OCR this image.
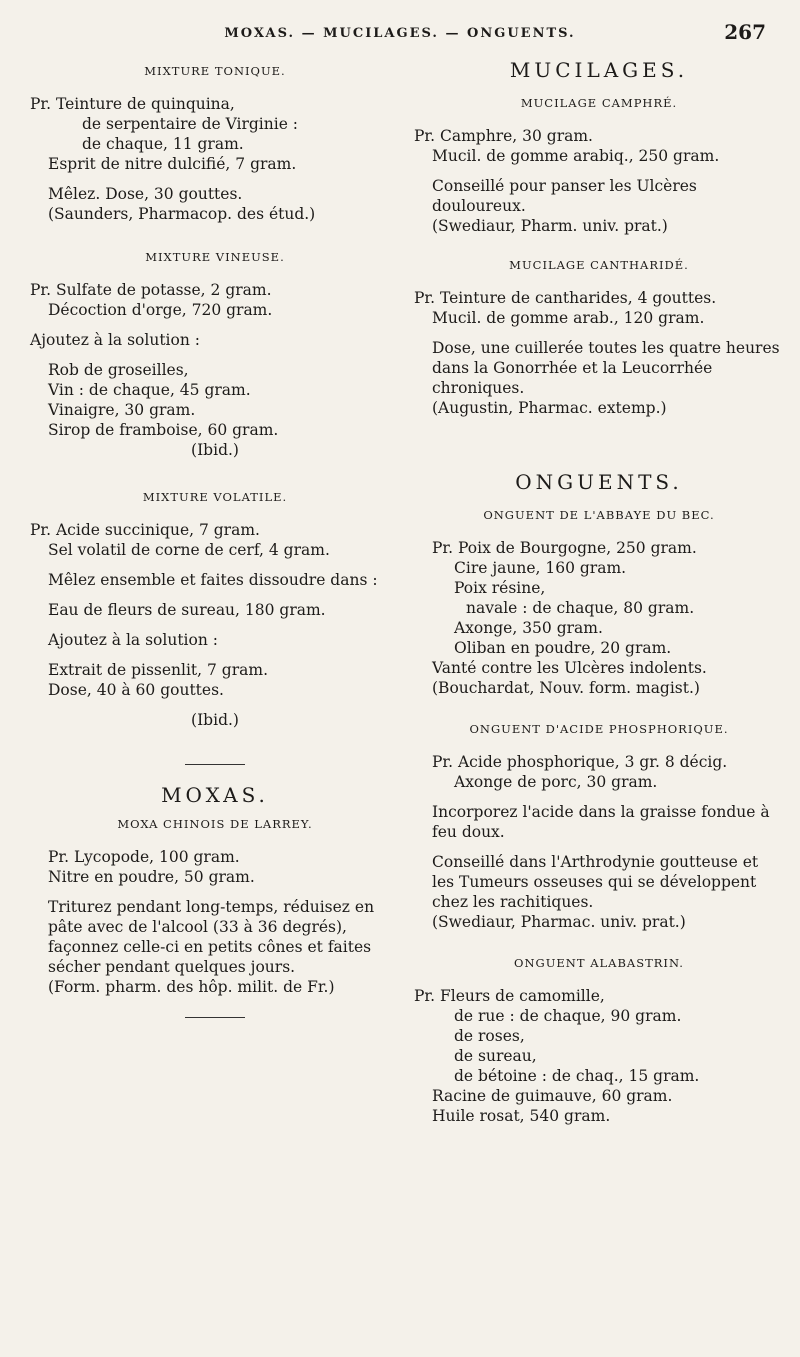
MOXAS. — MUCILAGES. — ONGUENTS.	267
MIXTURE TONIQUE.

Pr. Teinture de quinquina,

de serpentaire de Virginie :

de chaque, 11 gram.

Esprit de nitre dulcifié, 7 gram.

Mêlez. Dose, 30 gouttes.

(Saunders, Pharmacop. des étud.)

MIXTURE VINEUSE.

Pr. Sulfate de potasse, 2 gram.

Décoction d'orge, 720 gram.

Ajoutez à la solution :

Rob de groseilles,

Vin : de chaque, 45 gram.

Vinaigre, 30 gram.

Sirop de framboise, 60 gram.

(Ibid.)

MIXTURE VOLATILE.

Pr. Acide succinique, 7 gram.

Sel volatil de corne de cerf, 4 gram.

Mêlez ensemble et faites dissoudre dans :

Eau de fleurs de sureau, 180 gram.

Ajoutez à la solution :

Extrait de pissenlit, 7 gram.

Dose, 40 à 60 gouttes.

(Ibid.)

MOXAS.
MOXA CHINOIS DE LARREY.

Pr. Lycopode, 100 gram.

Nitre en poudre, 50 gram.

Triturez pendant long-temps, réduisez en pâte avec de l'alcool (33 à 36 degrés), façonnez celle-ci en petits cônes et faites sécher pendant quelques jours.

(Form. pharm. des hôp. milit. de Fr.)

MUCILAGES.
MUCILAGE CAMPHRÉ.

Pr. Camphre, 30 gram.

Mucil. de gomme arabiq., 250 gram.

Conseillé pour panser les Ulcères douloureux.

(Swediaur, Pharm. univ. prat.)

MUCILAGE CANTHARIDÉ.

Pr. Teinture de cantharides, 4 gouttes.

Mucil. de gomme arab., 120 gram.

Dose, une cuillerée toutes les quatre heures dans la Gonorrhée et la Leucorrhée chroniques.

(Augustin, Pharmac. extemp.)

ONGUENTS.
ONGUENT DE L'ABBAYE DU BEC.

Pr. Poix de Bourgogne, 250 gram.

Cire jaune, 160 gram.

Poix résine,

navale : de chaque, 80 gram.

Axonge, 350 gram.

Oliban en poudre, 20 gram.

Vanté contre les Ulcères indolents.

(Bouchardat, Nouv. form. magist.)

ONGUENT D'ACIDE PHOSPHORIQUE.

Pr. Acide phosphorique, 3 gr. 8 décig.

Axonge de porc, 30 gram.

Incorporez l'acide dans la graisse fondue à feu doux.

Conseillé dans l'Arthrodynie goutteuse et les Tumeurs osseuses qui se développent chez les rachitiques.

(Swediaur, Pharmac. univ. prat.)

ONGUENT ALABASTRIN.

Pr. Fleurs de camomille,

de rue : de chaque, 90 gram.

de roses,

de sureau,

de bétoine : de chaq., 15 gram.

Racine de guimauve, 60 gram.

Huile rosat, 540 gram.
